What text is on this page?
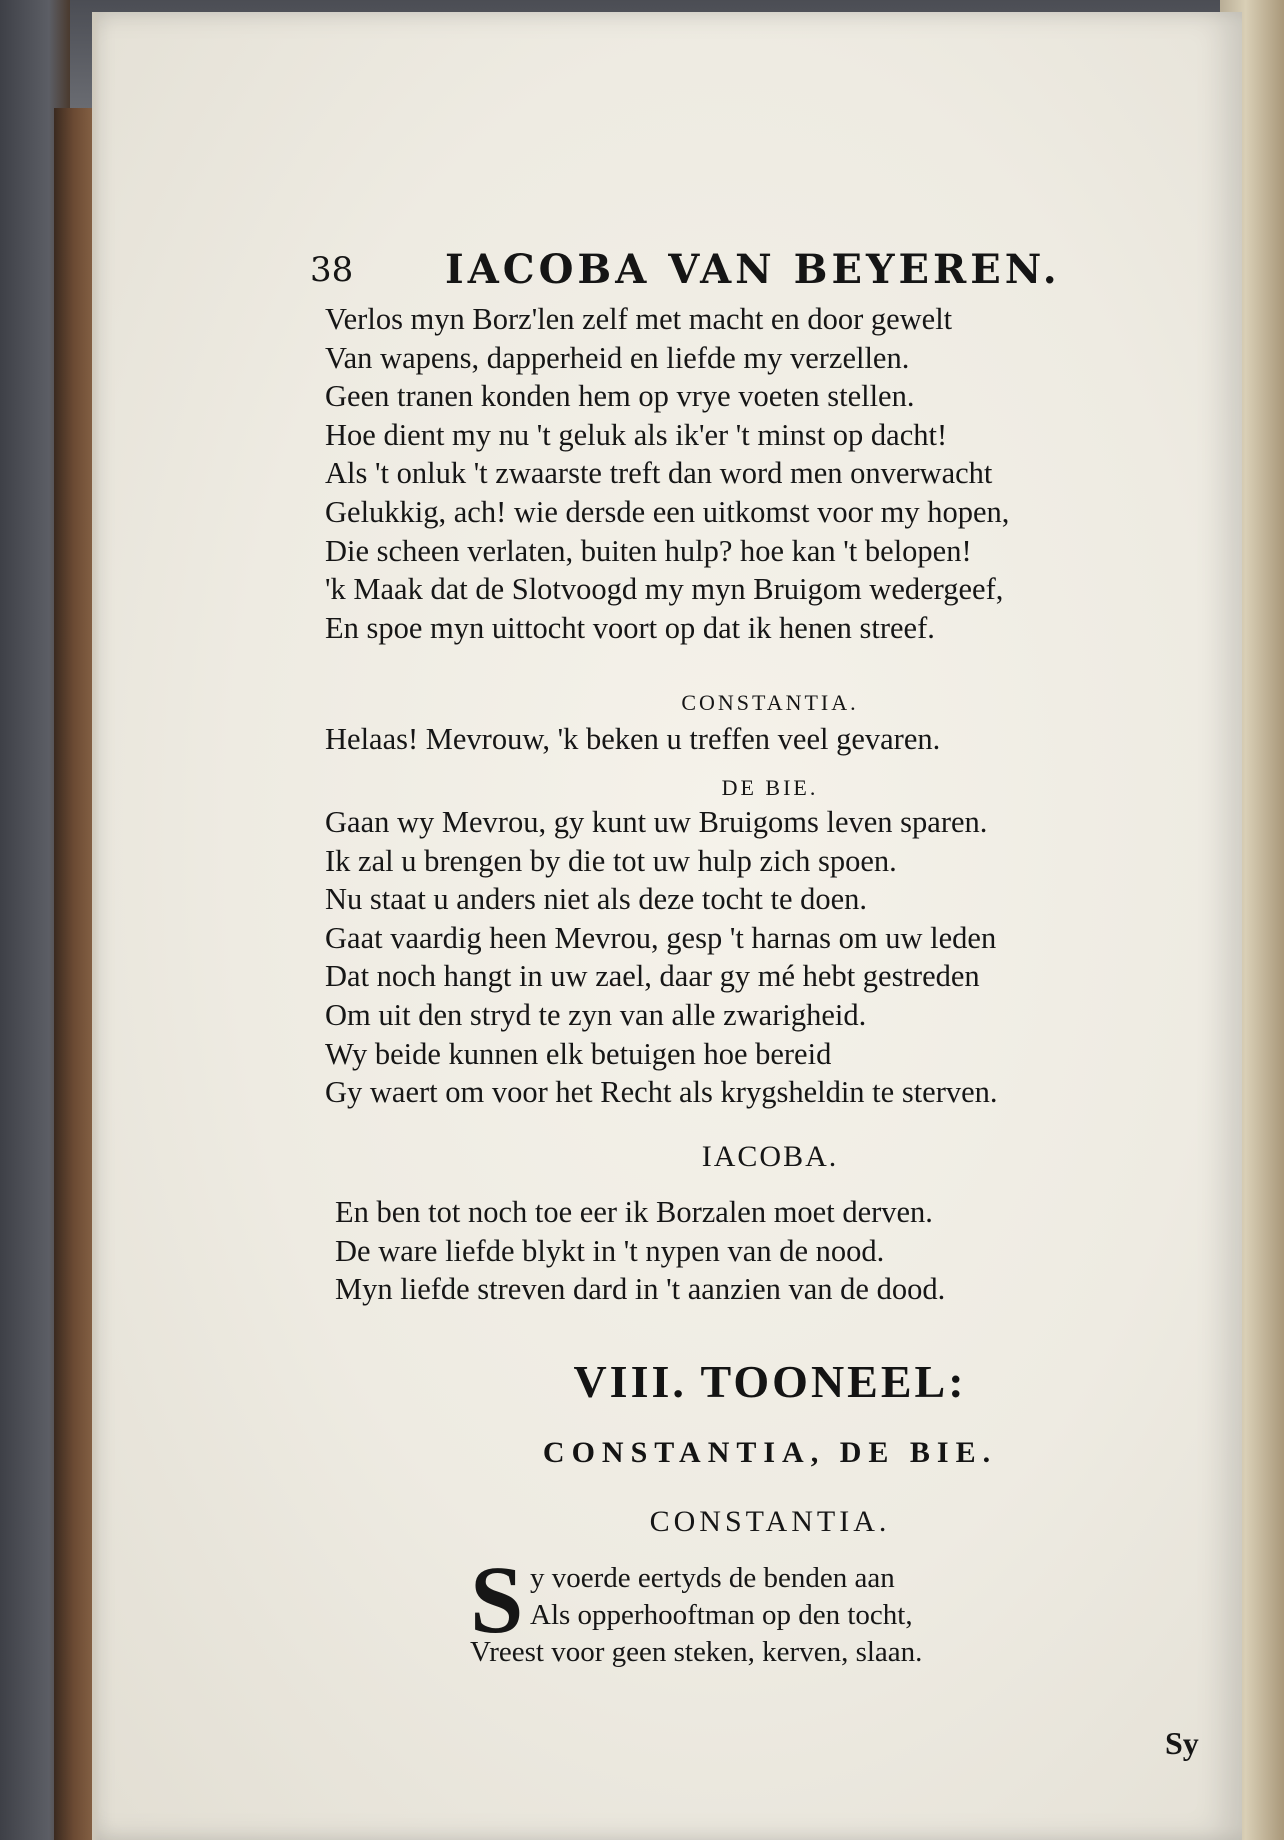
38 IACOBA VAN BEYEREN.
Verlos myn Borz'len zelf met macht en door gewelt
Van wapens, dapperheid en liefde my verzellen.
Geen tranen konden hem op vrye voeten stellen.
Hoe dient my nu 't geluk als ik'er 't minst op dacht!
Als 't onluk 't zwaarste treft dan word men onverwacht
Gelukkig, ach! wie dersde een uitkomst voor my hopen,
Die scheen verlaten, buiten hulp? hoe kan 't belopen!
'k Maak dat de Slotvoogd my myn Bruigom wedergeef,
En spoe myn uittocht voort op dat ik henen streef.
CONSTANTIA.
Helaas! Mevrouw, 'k beken u treffen veel gevaren.
DE BIE.
Gaan wy Mevrou, gy kunt uw Bruigoms leven sparen.
Ik zal u brengen by die tot uw hulp zich spoen.
Nu staat u anders niet als deze tocht te doen.
Gaat vaardig heen Mevrou, gesp 't harnas om uw leden
Dat noch hangt in uw zael, daar gy mé hebt gestreden
Om uit den stryd te zyn van alle zwarigheid.
Wy beide kunnen elk betuigen hoe bereid
Gy waert om voor het Recht als krygsheldin te sterven.
IACOBA.
En ben tot noch toe eer ik Borzalen moet derven.
De ware liefde blykt in 't nypen van de nood.
Myn liefde streven dard in 't aanzien van de dood.
VIII. TOONEEL:
CONSTANTIA, DE BIE.
CONSTANTIA.
S y voerde eertyds de benden aan
Als opperhooftman op den tocht,
Vreest voor geen steken, kerven, slaan.
Sy
